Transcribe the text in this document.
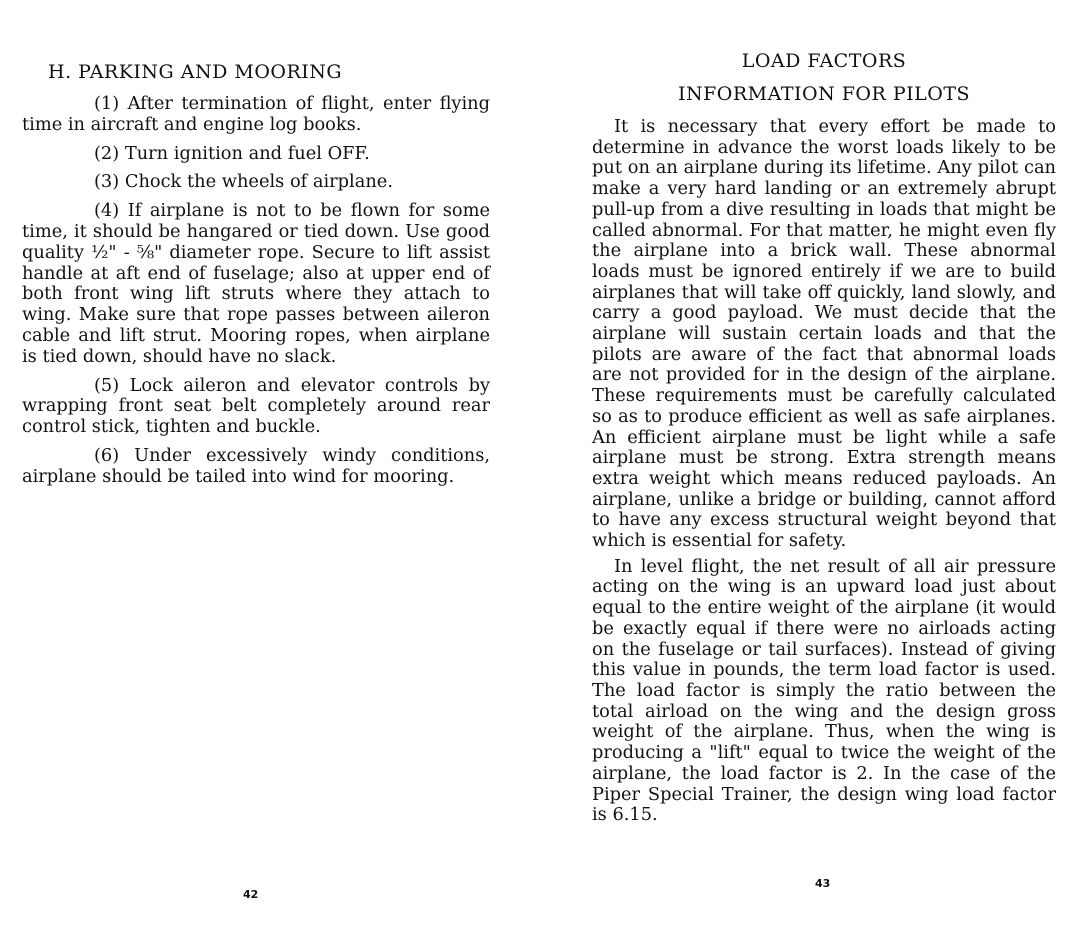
H. PARKING AND MOORING

(1) After termination of flight, enter flying time in aircraft and engine log books.

(2) Turn ignition and fuel OFF.

(3) Chock the wheels of airplane.

(4) If airplane is not to be flown for some time, it should be hangared or tied down. Use good quality ½" - ⅝" diameter rope. Secure to lift assist handle at aft end of fuselage; also at upper end of both front wing lift struts where they attach to wing. Make sure that rope passes between aileron cable and lift strut. Mooring ropes, when airplane is tied down, should have no slack.

(5) Lock aileron and elevator controls by wrapping front seat belt completely around rear control stick, tighten and buckle.

(6) Under excessively windy conditions, airplane should be tailed into wind for mooring.

42
LOAD FACTORS
INFORMATION FOR PILOTS

It is necessary that every effort be made to determine in advance the worst loads likely to be put on an airplane during its lifetime. Any pilot can make a very hard landing or an extremely abrupt pull-up from a dive resulting in loads that might be called abnormal. For that matter, he might even fly the airplane into a brick wall. These abnormal loads must be ignored entirely if we are to build airplanes that will take off quickly, land slowly, and carry a good payload. We must decide that the airplane will sustain certain loads and that the pilots are aware of the fact that abnormal loads are not provided for in the design of the airplane. These requirements must be carefully calculated so as to produce efficient as well as safe airplanes. An efficient airplane must be light while a safe airplane must be strong. Extra strength means extra weight which means reduced payloads. An airplane, unlike a bridge or building, cannot afford to have any excess structural weight beyond that which is essential for safety.

In level flight, the net result of all air pressure acting on the wing is an upward load just about equal to the entire weight of the airplane (it would be exactly equal if there were no airloads acting on the fuselage or tail surfaces). Instead of giving this value in pounds, the term load factor is used. The load factor is simply the ratio between the total airload on the wing and the design gross weight of the airplane. Thus, when the wing is producing a "lift" equal to twice the weight of the airplane, the load factor is 2. In the case of the Piper Special Trainer, the design wing load factor is 6.15.

43
